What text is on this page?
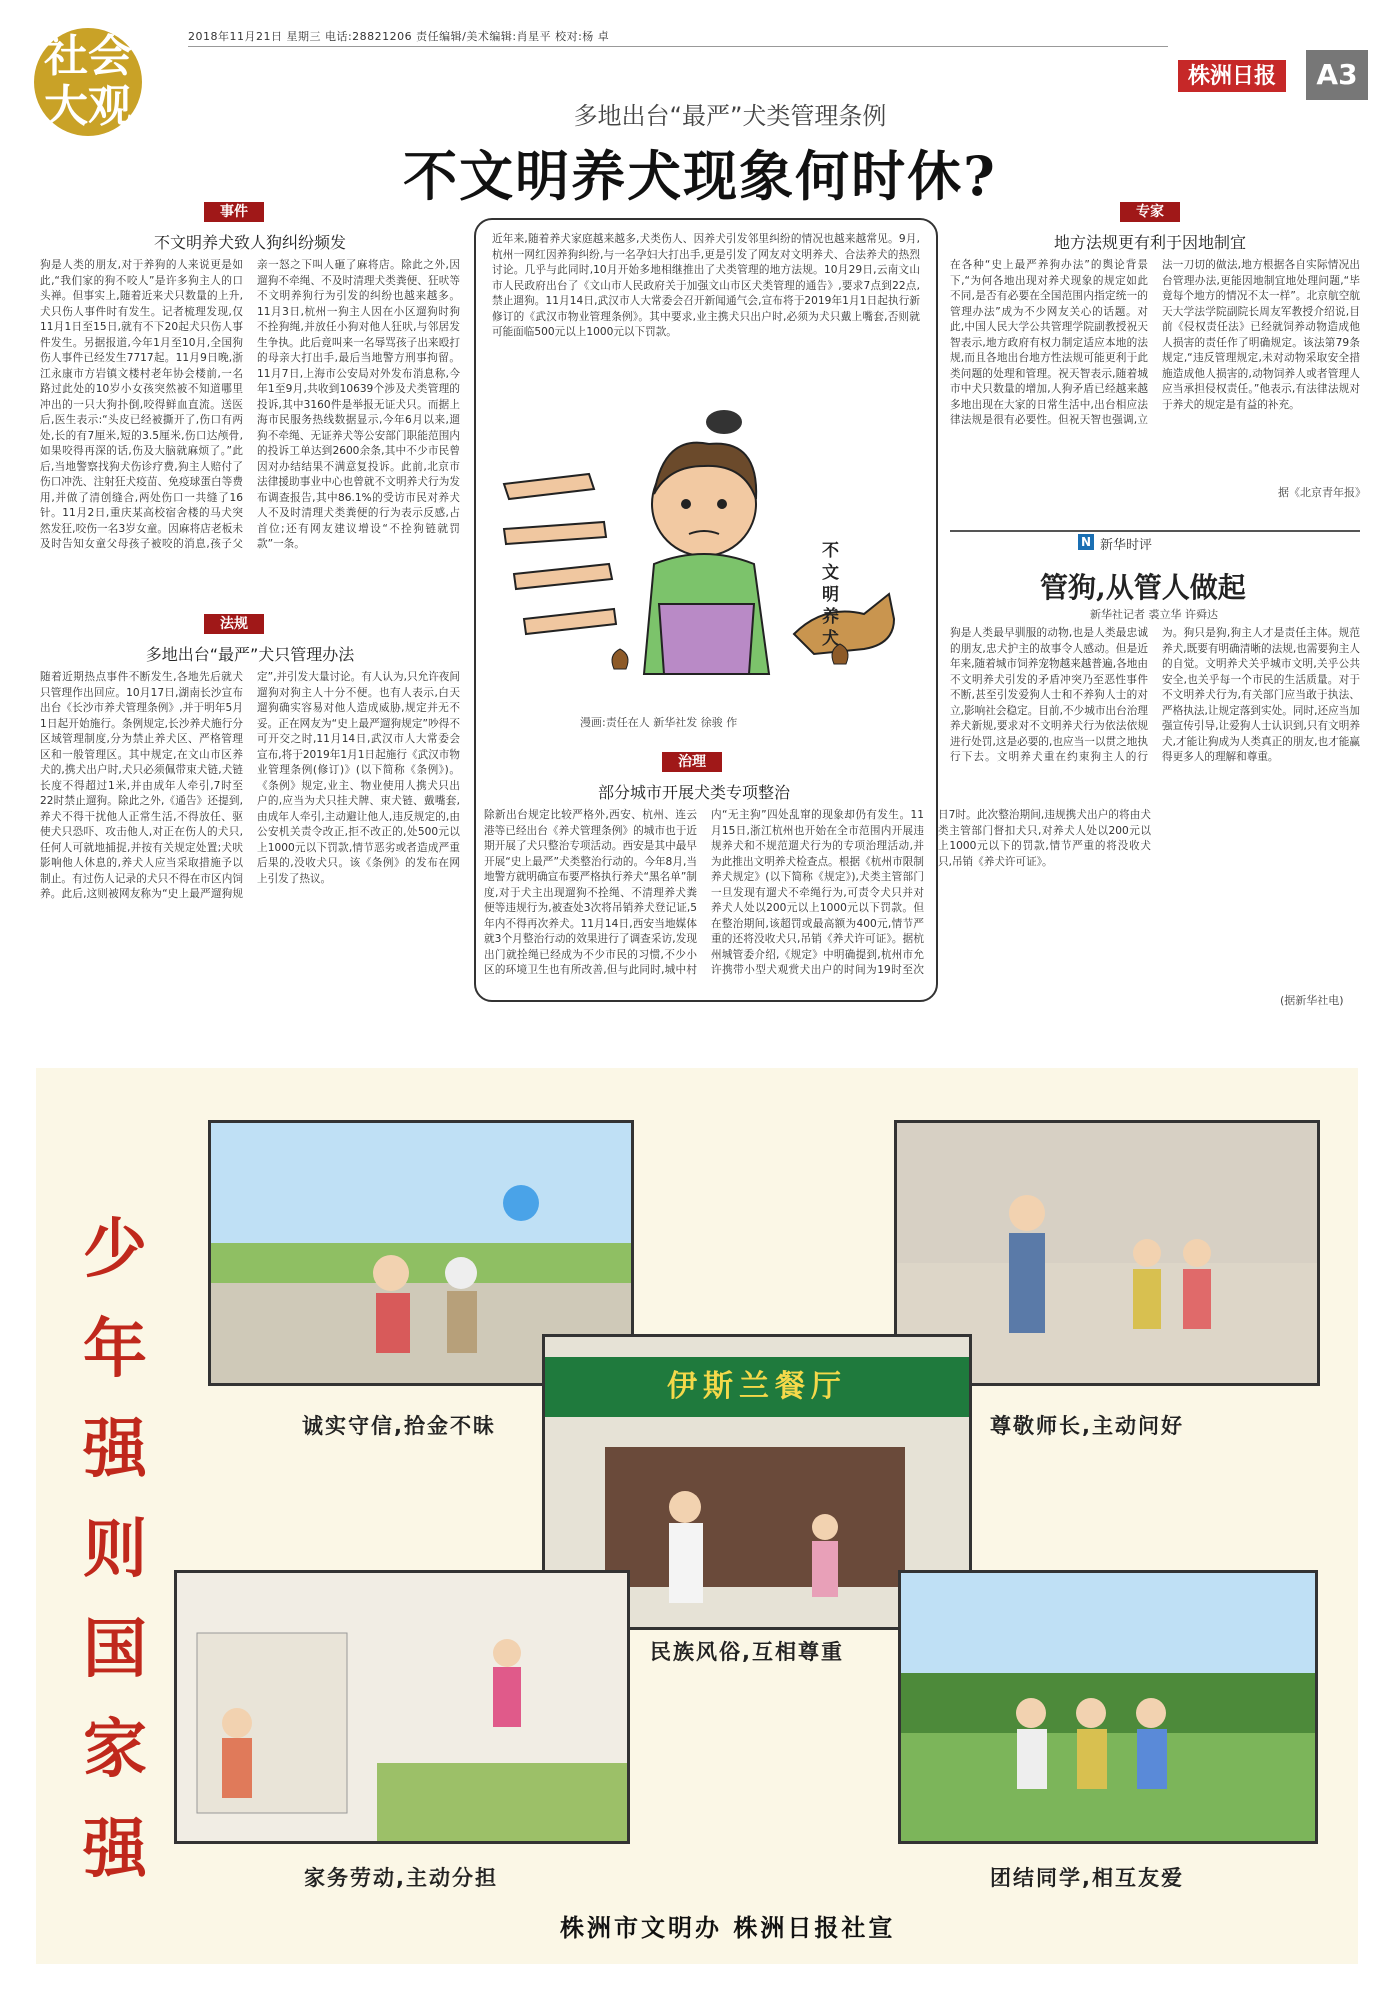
2018年11月21日 星期三 电话:28821206 责任编辑/美术编辑:肖星平 校对:杨 卓
社会
大观
株洲日报	A3
多地出台“最严”犬类管理条例
不文明养犬现象何时休?
事件
不文明养犬致人狗纠纷频发
狗是人类的朋友,对于养狗的人来说更是如此,“我们家的狗不咬人”是许多狗主人的口头禅。但事实上,随着近来犬只数量的上升,犬只伤人事件时有发生。记者梳理发现,仅11月1日至15日,就有不下20起犬只伤人事件发生。另据报道,今年1月至10月,全国狗伤人事件已经发生7717起。11月9日晚,浙江永康市方岩镇文楼村老年协会楼前,一名路过此处的10岁小女孩突然被不知道哪里冲出的一只大狗扑倒,咬得鲜血直流。送医后,医生表示:“头皮已经被撕开了,伤口有两处,长的有7厘米,短的3.5厘米,伤口达颅骨,如果咬得再深的话,伤及大脑就麻烦了。”此后,当地警察找狗犬伤诊疗费,狗主人赔付了伤口冲洗、注射狂犬疫苗、免疫球蛋白等费用,并做了清创缝合,两处伤口一共缝了16针。11月2日,重庆某高校宿舍楼的马犬突然发狂,咬伤一名3岁女童。因麻将店老板未及时告知女童父母孩子被咬的消息,孩子父亲一怒之下叫人砸了麻将店。除此之外,因遛狗不牵绳、不及时清理犬类粪便、狂吠等不文明养狗行为引发的纠纷也越来越多。11月3日,杭州一狗主人因在小区遛狗时狗不拴狗绳,并放任小狗对他人狂吠,与邻居发生争执。此后竟叫来一名辱骂孩子出来殴打的母亲大打出手,最后当地警方刑事拘留。11月7日,上海市公安局对外发布消息称,今年1至9月,共收到10639个涉及犬类管理的投诉,其中3160件是举报无证犬只。而据上海市民服务热线数据显示,今年6月以来,遛狗不牵绳、无证养犬等公安部门职能范围内的投诉工单达到2600余条,其中不少市民曾因对办结结果不满意复投诉。此前,北京市法律援助事业中心也曾就不文明养犬行为发布调查报告,其中86.1%的受访市民对养犬人不及时清理犬类粪便的行为表示反感,占首位;还有网友建议增设“不拴狗链就罚款”一条。
法规
多地出台“最严”犬只管理办法
随着近期热点事件不断发生,各地先后就犬只管理作出回应。10月17日,湖南长沙宣布出台《长沙市养犬管理条例》,并于明年5月1日起开始施行。条例规定,长沙养犬施行分区域管理制度,分为禁止养犬区、严格管理区和一般管理区。其中规定,在文山市区养犬的,携犬出户时,犬只必须佩带束犬链,犬链长度不得超过1米,并由成年人牵引,7时至22时禁止遛狗。除此之外,《通告》还提到,养犬不得干扰他人正常生活,不得放任、驱使犬只恐吓、攻击他人,对正在伤人的犬只,任何人可就地捕捉,并按有关规定处置;犬吠影响他人休息的,养犬人应当采取措施予以制止。有过伤人记录的犬只不得在市区内饲养。此后,这则被网友称为“史上最严遛狗规定”,并引发大量讨论。有人认为,只允许夜间遛狗对狗主人十分不便。也有人表示,白天遛狗确实容易对他人造成威胁,规定并无不妥。正在网友为“史上最严遛狗规定”吵得不可开交之时,11月14日,武汉市人大常委会宣布,将于2019年1月1日起施行《武汉市物业管理条例(修订)》(以下简称《条例》)。《条例》规定,业主、物业使用人携犬只出户的,应当为犬只挂犬牌、束犬链、戴嘴套,由成年人牵引,主动避让他人,违反规定的,由公安机关责令改正,拒不改正的,处500元以上1000元以下罚款,情节恶劣或者造成严重后果的,没收犬只。该《条例》的发布在网上引发了热议。
近年来,随着养犬家庭越来越多,犬类伤人、因养犬引发邻里纠纷的情况也越来越常见。9月,杭州一网红因养狗纠纷,与一名孕妇大打出手,更是引发了网友对文明养犬、合法养犬的热烈讨论。几乎与此同时,10月开始多地相继推出了犬类管理的地方法规。10月29日,云南文山市人民政府出台了《文山市人民政府关于加强文山市区犬类管理的通告》,要求7点到22点,禁止遛狗。11月14日,武汉市人大常委会召开新闻通气会,宣布将于2019年1月1日起执行新修订的《武汉市物业管理条例》。其中要求,业主携犬只出户时,必须为犬只戴上嘴套,否则就可能面临500元以上1000元以下罚款。
不文明养犬
漫画:责任在人 新华社发 徐骏 作
治理
部分城市开展犬类专项整治
除新出台规定比较严格外,西安、杭州、连云港等已经出台《养犬管理条例》的城市也于近期开展了犬只整治专项活动。西安是其中最早开展“史上最严”犬类整治行动的。今年8月,当地警方就明确宣布要严格执行养犬“黑名单”制度,对于犬主出现遛狗不拴绳、不清理养犬粪便等违规行为,被查处3次将吊销养犬登记证,5年内不得再次养犬。11月14日,西安当地媒体就3个月整治行动的效果进行了调查采访,发现出门就拴绳已经成为不少市民的习惯,不少小区的环境卫生也有所改善,但与此同时,城中村内“无主狗”四处乱窜的现象却仍有发生。11月15日,浙江杭州也开始在全市范围内开展违规养犬和不规范遛犬行为的专项治理活动,并为此推出文明养犬检查点。根据《杭州市限制养犬规定》(以下简称《规定》),犬类主管部门一旦发现有遛犬不牵绳行为,可责令犬只并对养犬人处以200元以上1000元以下罚款。但在整治期间,该超罚或最高额为400元,情节严重的还将没收犬只,吊销《养犬许可证》。据杭州城管委介绍,《规定》中明确提到,杭州市允许携带小型犬观赏犬出户的时间为19时至次日7时。此次整治期间,违规携犬出户的将由犬类主管部门督扣犬只,对养犬人处以200元以上1000元以下的罚款,情节严重的将没收犬只,吊销《养犬许可证》。
专家
地方法规更有利于因地制宜
在各种“史上最严养狗办法”的舆论背景下,“为何各地出现对养犬现象的规定如此不同,是否有必要在全国范围内指定统一的管理办法”成为不少网友关心的话题。对此,中国人民大学公共管理学院副教授祝天智表示,地方政府有权力制定适应本地的法规,而且各地出台地方性法规可能更利于此类问题的处理和管理。祝天智表示,随着城市中犬只数量的增加,人狗矛盾已经越来越多地出现在大家的日常生活中,出台相应法律法规是很有必要性。但祝天智也强调,立法一刀切的做法,地方根据各自实际情况出台管理办法,更能因地制宜地处理问题,“毕竟每个地方的情况不太一样”。北京航空航天大学法学院副院长周友军教授介绍说,目前《侵权责任法》已经就饲养动物造成他人损害的责任作了明确规定。该法第79条规定,“违反管理规定,未对动物采取安全措施造成他人损害的,动物饲养人或者管理人应当承担侵权责任。”他表示,有法律法规对于养犬的规定是有益的补充。
据《北京青年报》
N 新华时评
管狗,从管人做起
新华社记者 裘立华 许舜达
狗是人类最早驯服的动物,也是人类最忠诚的朋友,忠犬护主的故事令人感动。但是近年来,随着城市饲养宠物越来越普遍,各地由不文明养犬引发的矛盾冲突乃至恶性事件不断,甚至引发爱狗人士和不养狗人士的对立,影响社会稳定。目前,不少城市出台治理养犬新规,要求对不文明养犬行为依法依规进行处罚,这是必要的,也应当一以贯之地执行下去。文明养犬重在约束狗主人的行为。狗只是狗,狗主人才是责任主体。规范养犬,既要有明确清晰的法规,也需要狗主人的自觉。文明养犬关乎城市文明,关乎公共安全,也关乎每一个市民的生活质量。对于不文明养犬行为,有关部门应当敢于执法、严格执法,让规定落到实处。同时,还应当加强宣传引导,让爱狗人士认识到,只有文明养犬,才能让狗成为人类真正的朋友,也才能赢得更多人的理解和尊重。
(据新华社电)
少
年
强
则
国
家
强
诚实守信,拾金不昧	尊敬师长,主动问好
伊斯兰餐厅
民族风俗,互相尊重
家务劳动,主动分担	团结同学,相互友爱
株洲市文明办 株洲日报社宣
